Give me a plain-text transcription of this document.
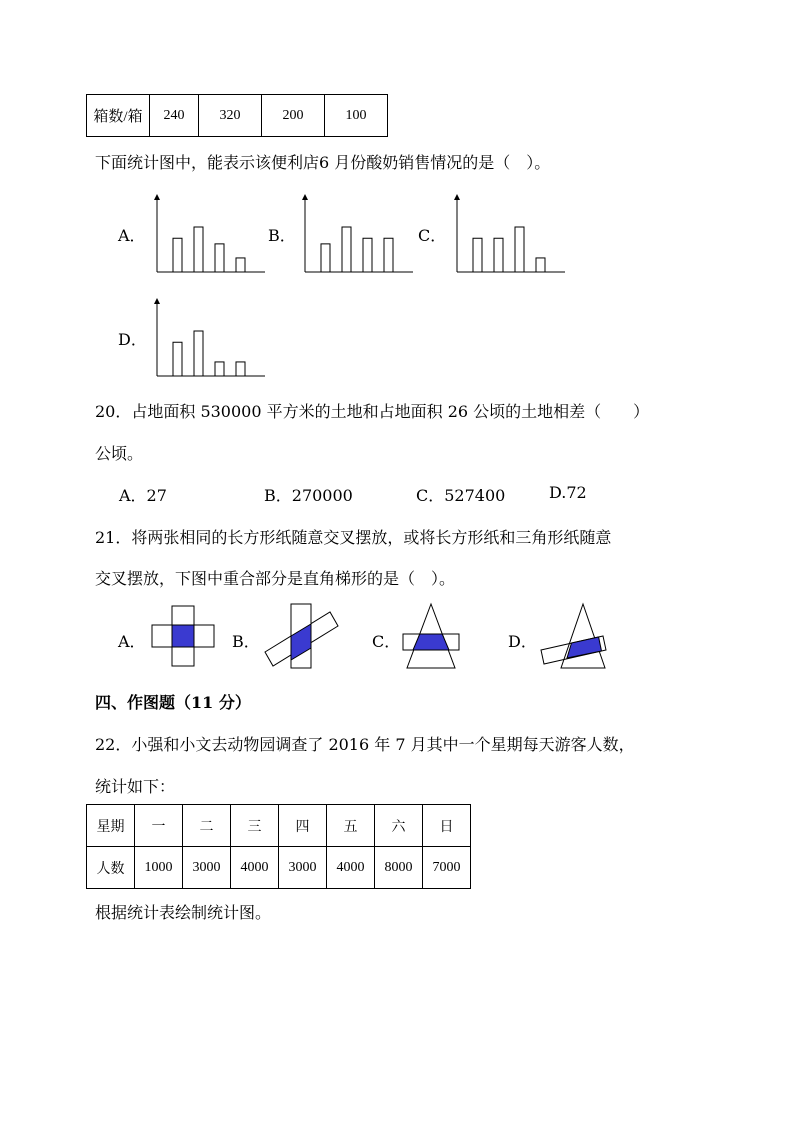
箱数/箱	240	320	200	100
下面统计图中，能表示该便利店6 月份酸奶销售情况的是（　）。
A．	B．	C．
D．
20．占地面积 530000 平方米的土地和占地面积 26 公顷的土地相差（　　）
公顷。
A．27	B．270000	C．527400	D.72
21．将两张相同的长方形纸随意交叉摆放，或将长方形纸和三角形纸随意
交叉摆放，下图中重合部分是直角梯形的是（　）。
A．	B．	C．	D．
四、作图题（11 分）
22．小强和小文去动物园调查了 2016 年 7 月其中一个星期每天游客人数，
统计如下：
星期	一	二	三	四	五	六	日
人数	1000	3000	4000	3000	4000	8000	7000
根据统计表绘制统计图。
